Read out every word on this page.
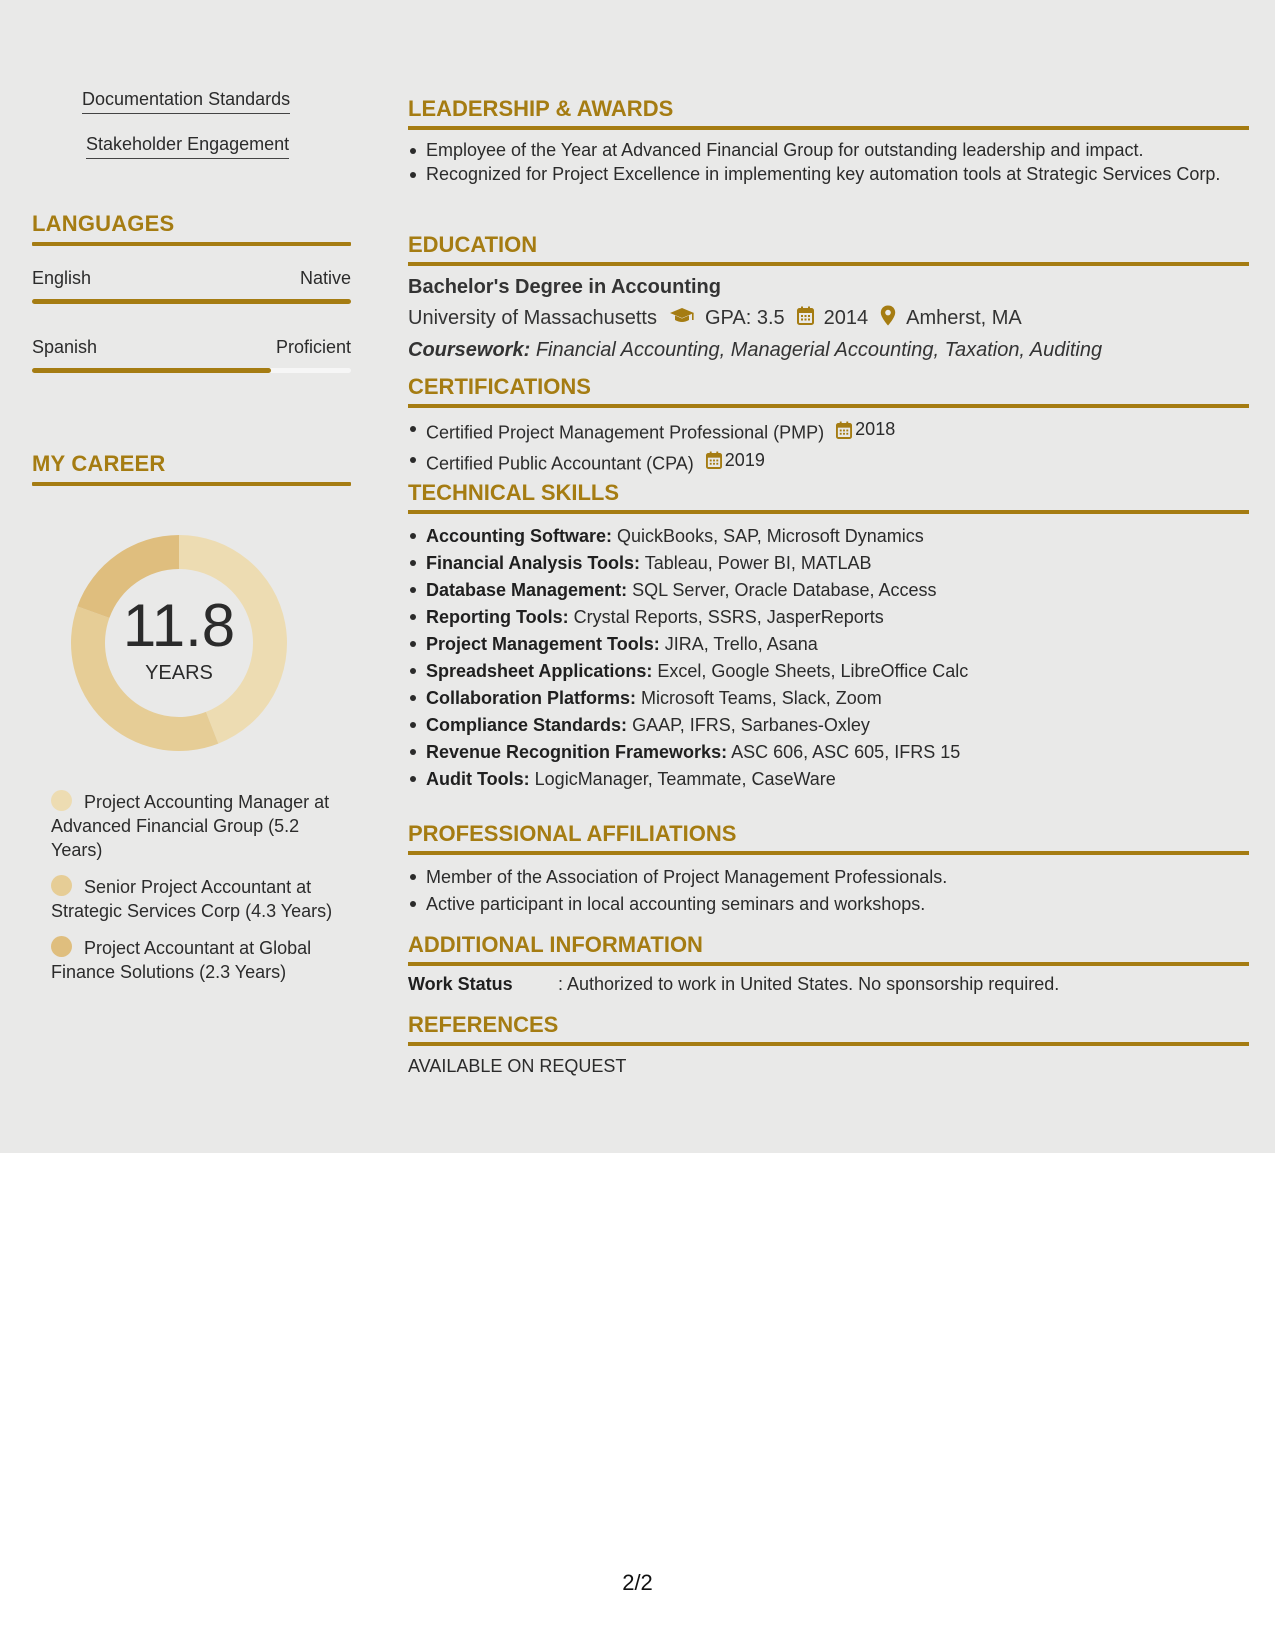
Documentation Standards
Stakeholder Engagement
LANGUAGES
English	Native
Spanish	Proficient
MY CAREER
11.8
YEARS
Project Accounting Manager at Advanced Financial Group (5.2 Years)
Senior Project Accountant at Strategic Services Corp (4.3 Years)
Project Accountant at Global Finance Solutions (2.3 Years)
LEADERSHIP & AWARDS
Employee of the Year at Advanced Financial Group for outstanding leadership and impact.
Recognized for Project Excellence in implementing key automation tools at Strategic Services Corp.
EDUCATION
Bachelor's Degree in Accounting
University of Massachusetts GPA: 3.5 2014 Amherst, MA
Coursework: Financial Accounting, Managerial Accounting, Taxation, Auditing
CERTIFICATIONS
Certified Project Management Professional (PMP) 2018
Certified Public Accountant (CPA) 2019
TECHNICAL SKILLS
Accounting Software: QuickBooks, SAP, Microsoft Dynamics
Financial Analysis Tools: Tableau, Power BI, MATLAB
Database Management: SQL Server, Oracle Database, Access
Reporting Tools: Crystal Reports, SSRS, JasperReports
Project Management Tools: JIRA, Trello, Asana
Spreadsheet Applications: Excel, Google Sheets, LibreOffice Calc
Collaboration Platforms: Microsoft Teams, Slack, Zoom
Compliance Standards: GAAP, IFRS, Sarbanes-Oxley
Revenue Recognition Frameworks: ASC 606, ASC 605, IFRS 15
Audit Tools: LogicManager, Teammate, CaseWare
PROFESSIONAL AFFILIATIONS
Member of the Association of Project Management Professionals.
Active participant in local accounting seminars and workshops.
ADDITIONAL INFORMATION
Work Status	: Authorized to work in United States. No sponsorship required.
REFERENCES
AVAILABLE ON REQUEST
2/2
